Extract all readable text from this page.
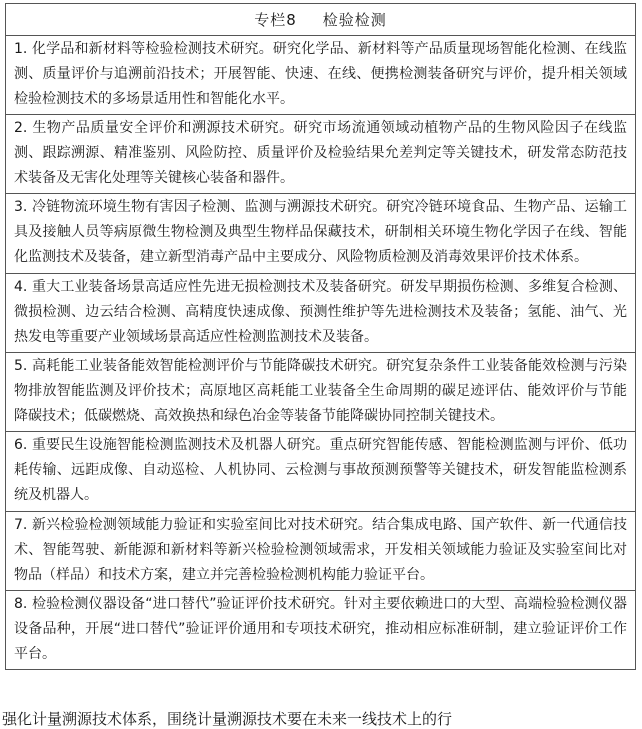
专栏8 检验检测
1. 化学品和新材料等检验检测技术研究。研究化学品、新材料等产品质量现场智能化检测、在线监测、质量评价与追溯前沿技术；开展智能、快速、在线、便携检测装备研究与评价，提升相关领域检验检测技术的多场景适用性和智能化水平。
2. 生物产品质量安全评价和溯源技术研究。研究市场流通领域动植物产品的生物风险因子在线监测、跟踪溯源、精准鉴别、风险防控、质量评价及检验结果允差判定等关键技术，研发常态防范技术装备及无害化处理等关键核心装备和器件。
3. 冷链物流环境生物有害因子检测、监测与溯源技术研究。研究冷链环境食品、生物产品、运输工具及接触人员等病原微生物检测及典型生物样品保藏技术，研制相关环境生物化学因子在线、智能化监测技术及装备，建立新型消毒产品中主要成分、风险物质检测及消毒效果评价技术体系。
4. 重大工业装备场景高适应性先进无损检测技术及装备研究。研发早期损伤检测、多维复合检测、微损检测、边云结合检测、高精度快速成像、预测性维护等先进检测技术及装备；氢能、油气、光热发电等重要产业领域场景高适应性检测监测技术及装备。
5. 高耗能工业装备能效智能检测评价与节能降碳技术研究。研究复杂条件工业装备能效检测与污染物排放智能监测及评价技术；高原地区高耗能工业装备全生命周期的碳足迹评估、能效评价与节能降碳技术；低碳燃烧、高效换热和绿色冶金等装备节能降碳协同控制关键技术。
6. 重要民生设施智能检测监测技术及机器人研究。重点研究智能传感、智能检测监测与评价、低功耗传输、远距成像、自动巡检、人机协同、云检测与事故预测预警等关键技术，研发智能监检测系统及机器人。
7. 新兴检验检测领域能力验证和实验室间比对技术研究。结合集成电路、国产软件、新一代通信技术、智能驾驶、新能源和新材料等新兴检验检测领域需求，开发相关领域能力验证及实验室间比对物品（样品）和技术方案，建立并完善检验检测机构能力验证平台。
8. 检验检测仪器设备“进口替代”验证评价技术研究。针对主要依赖进口的大型、高端检验检测仪器设备品种，开展“进口替代”验证评价通用和专项技术研究，推动相应标准研制，建立验证评价工作平台。
强化计量溯源技术体系，围绕计量溯源技术要在未来一线技术上的行
